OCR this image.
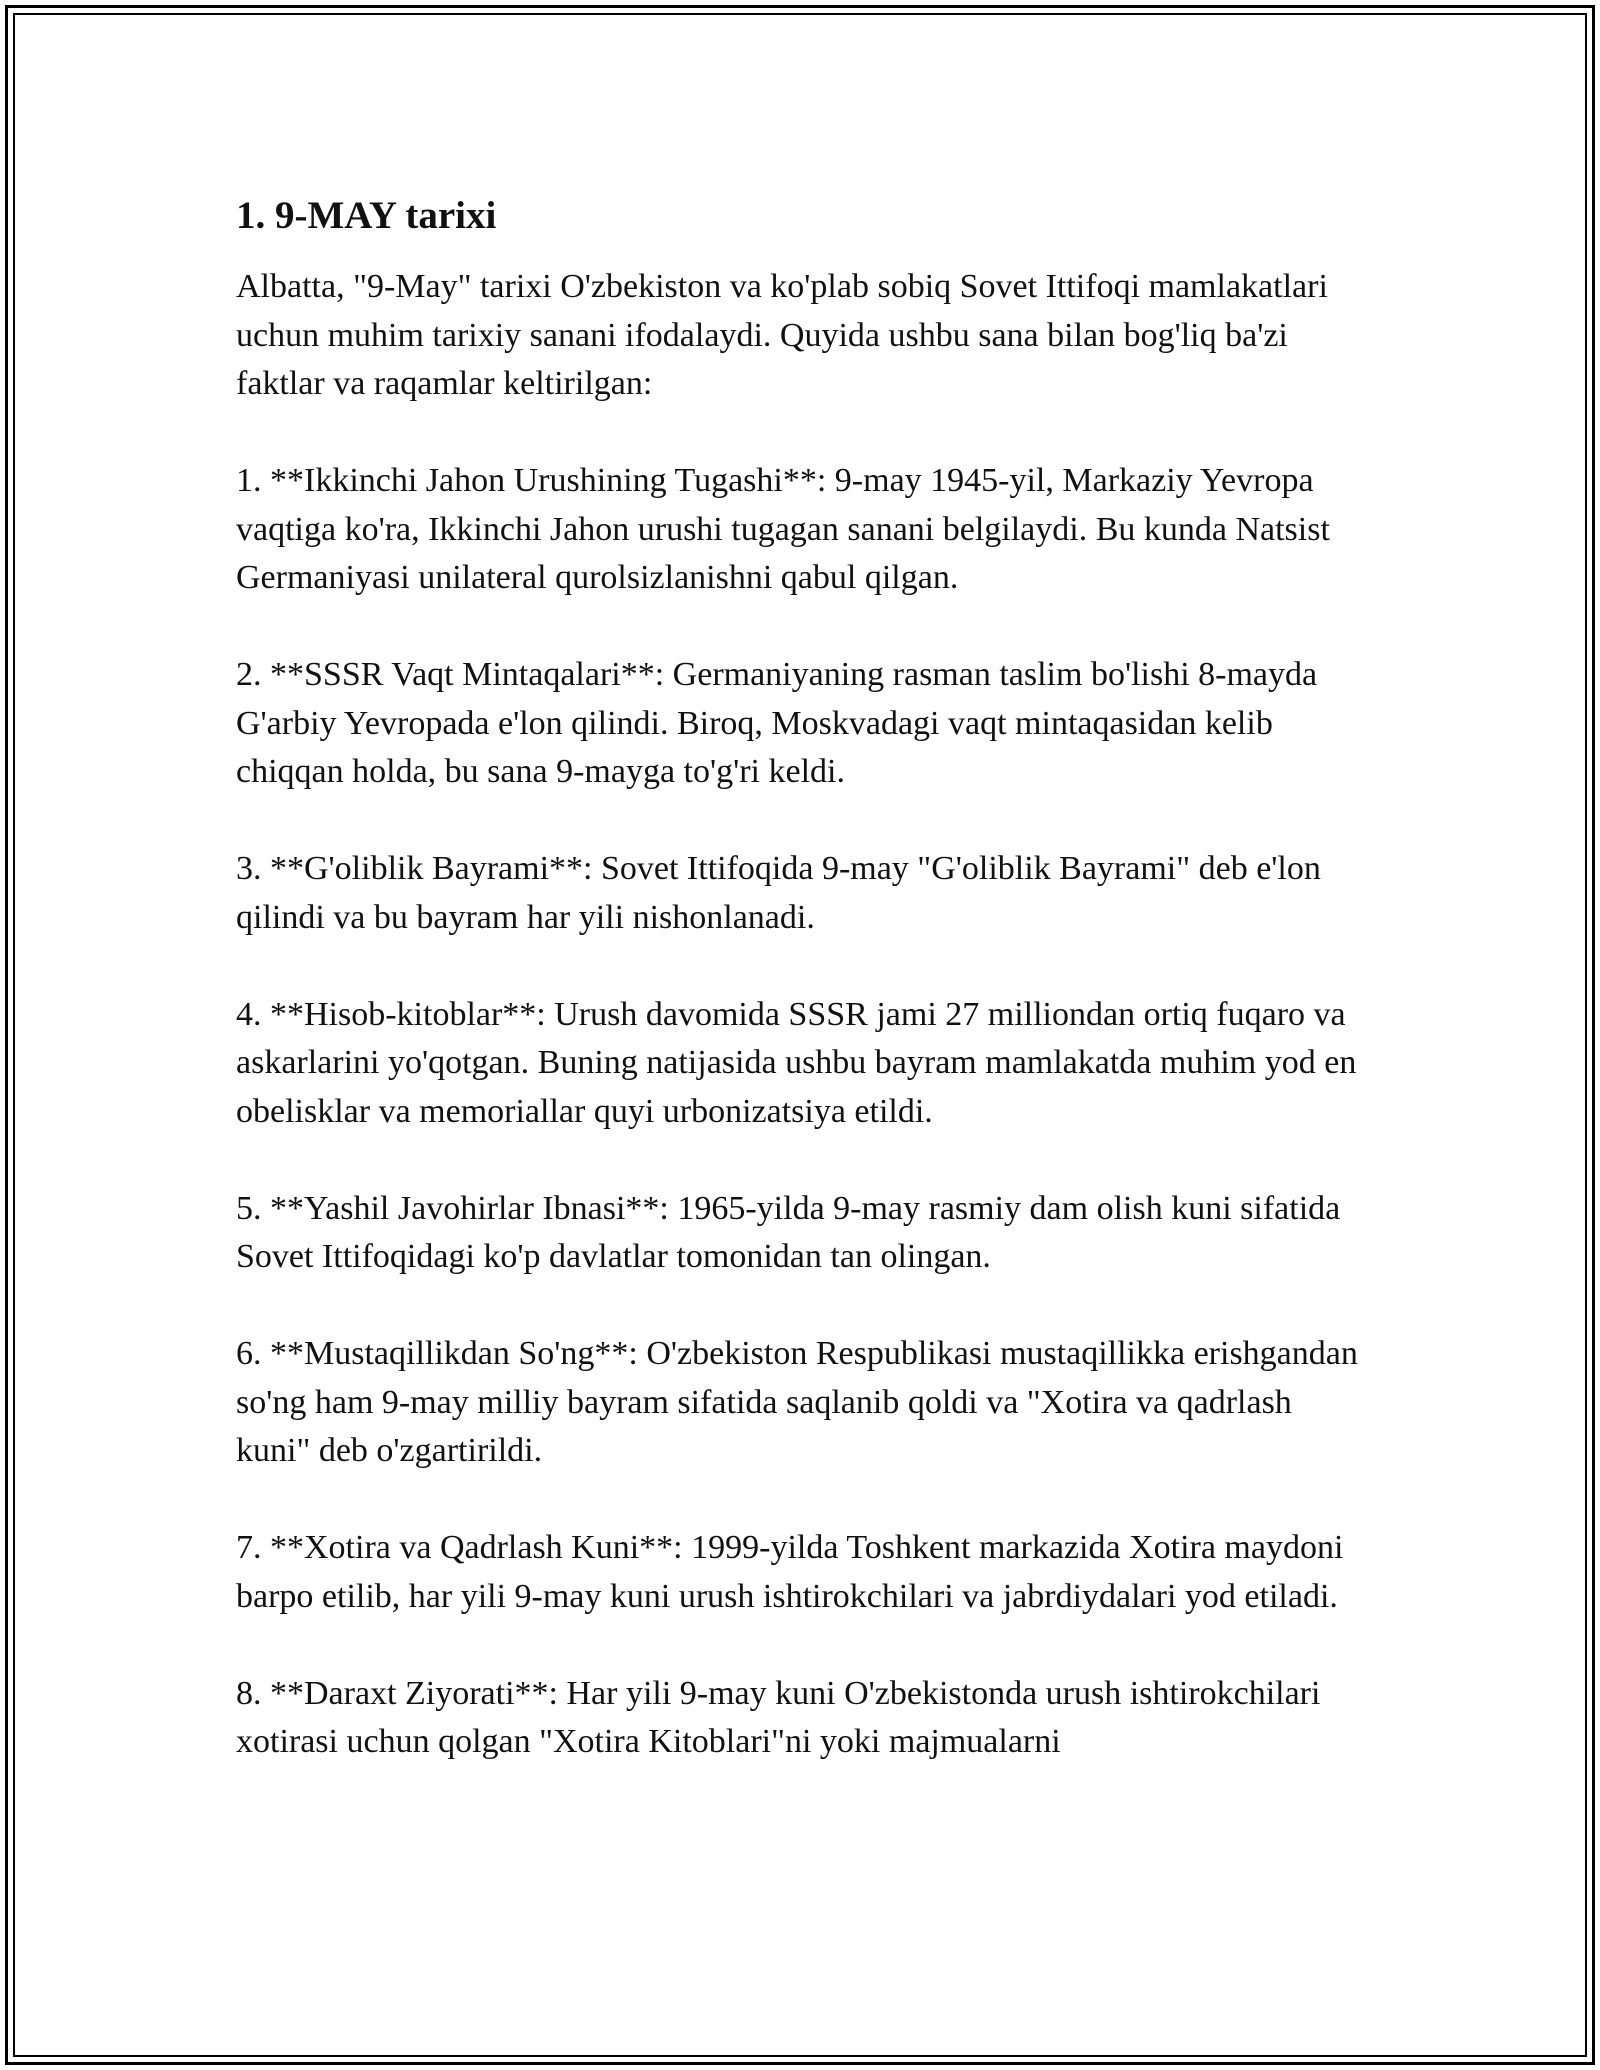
1. 9-MAY tarixi

Albatta, "9-May" tarixi O'zbekiston va ko'plab sobiq Sovet Ittifoqi mamlakatlari uchun muhim tarixiy sanani ifodalaydi. Quyida ushbu sana bilan bog'liq ba'zi faktlar va raqamlar keltirilgan:

1. **Ikkinchi Jahon Urushining Tugashi**: 9-may 1945-yil, Markaziy Yevropa vaqtiga ko'ra, Ikkinchi Jahon urushi tugagan sanani belgilaydi. Bu kunda Natsist Germaniyasi unilateral qurolsizlanishni qabul qilgan.

2. **SSSR Vaqt Mintaqalari**: Germaniyaning rasman taslim bo'lishi 8-mayda G'arbiy Yevropada e'lon qilindi. Biroq, Moskvadagi vaqt mintaqasidan kelib chiqqan holda, bu sana 9-mayga to'g'ri keldi.

3. **G'oliblik Bayrami**: Sovet Ittifoqida 9-may "G'oliblik Bayrami" deb e'lon qilindi va bu bayram har yili nishonlanadi.

4. **Hisob-kitoblar**: Urush davomida SSSR jami 27 milliondan ortiq fuqaro va askarlarini yo'qotgan. Buning natijasida ushbu bayram mamlakatda muhim yod en obelisklar va memoriallar quyi urbonizatsiya etildi.

5. **Yashil Javohirlar Ibnasi**: 1965-yilda 9-may rasmiy dam olish kuni sifatida Sovet Ittifoqidagi ko'p davlatlar tomonidan tan olingan.

6. **Mustaqillikdan So'ng**: O'zbekiston Respublikasi mustaqillikka erishgandan so'ng ham 9-may milliy bayram sifatida saqlanib qoldi va "Xotira va qadrlash kuni" deb o'zgartirildi.

7. **Xotira va Qadrlash Kuni**: 1999-yilda Toshkent markazida Xotira maydoni barpo etilib, har yili 9-may kuni urush ishtirokchilari va jabrdiydalari yod etiladi.

8. **Daraxt Ziyorati**: Har yili 9-may kuni O'zbekistonda urush ishtirokchilari xotirasi uchun qolgan "Xotira Kitoblari"ni yoki majmualarni
